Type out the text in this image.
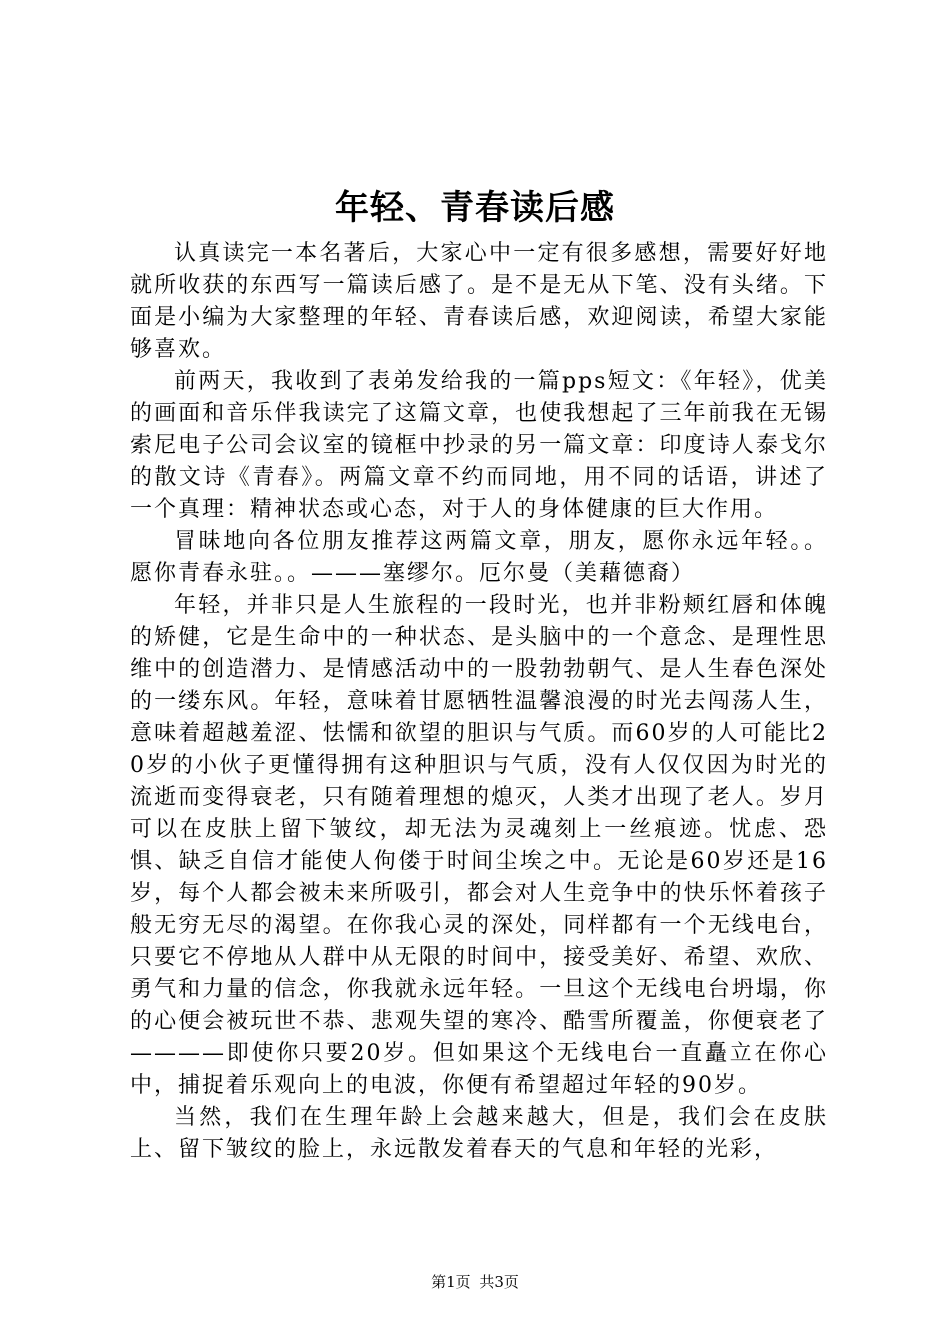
年轻、青春读后感

认真读完一本名著后，大家心中一定有很多感想，需要好好地就所收获的东西写一篇读后感了。是不是无从下笔、没有头绪。下面是小编为大家整理的年轻、青春读后感，欢迎阅读，希望大家能够喜欢。

前两天，我收到了表弟发给我的一篇pps短文：《年轻》，优美的画面和音乐伴我读完了这篇文章，也使我想起了三年前我在无锡索尼电子公司会议室的镜框中抄录的另一篇文章：印度诗人泰戈尔的散文诗《青春》。两篇文章不约而同地，用不同的话语，讲述了一个真理：精神状态或心态，对于人的身体健康的巨大作用。

冒昧地向各位朋友推荐这两篇文章，朋友，愿你永远年轻。。愿你青春永驻。。———塞缪尔。厄尔曼（美藉德裔）

年轻，并非只是人生旅程的一段时光，也并非粉颊红唇和体魄的矫健，它是生命中的一种状态、是头脑中的一个意念、是理性思维中的创造潜力、是情感活动中的一股勃勃朝气、是人生春色深处的一缕东风。年轻，意味着甘愿牺牲温馨浪漫的时光去闯荡人生，意味着超越羞涩、怯懦和欲望的胆识与气质。而60岁的人可能比20岁的小伙子更懂得拥有这种胆识与气质，没有人仅仅因为时光的流逝而变得衰老，只有随着理想的熄灭，人类才出现了老人。岁月可以在皮肤上留下皱纹，却无法为灵魂刻上一丝痕迹。忧虑、恐惧、缺乏自信才能使人佝偻于时间尘埃之中。无论是60岁还是16岁，每个人都会被未来所吸引，都会对人生竞争中的快乐怀着孩子般无穷无尽的渴望。在你我心灵的深处，同样都有一个无线电台，只要它不停地从人群中从无限的时间中，接受美好、希望、欢欣、勇气和力量的信念，你我就永远年轻。一旦这个无线电台坍塌，你的心便会被玩世不恭、悲观失望的寒冷、酷雪所覆盖，你便衰老了————即使你只要20岁。但如果这个无线电台一直矗立在你心中，捕捉着乐观向上的电波，你便有希望超过年轻的90岁。

当然，我们在生理年龄上会越来越大，但是，我们会在皮肤上、留下皱纹的脸上，永远散发着春天的气息和年轻的光彩，

第1页 共3页
